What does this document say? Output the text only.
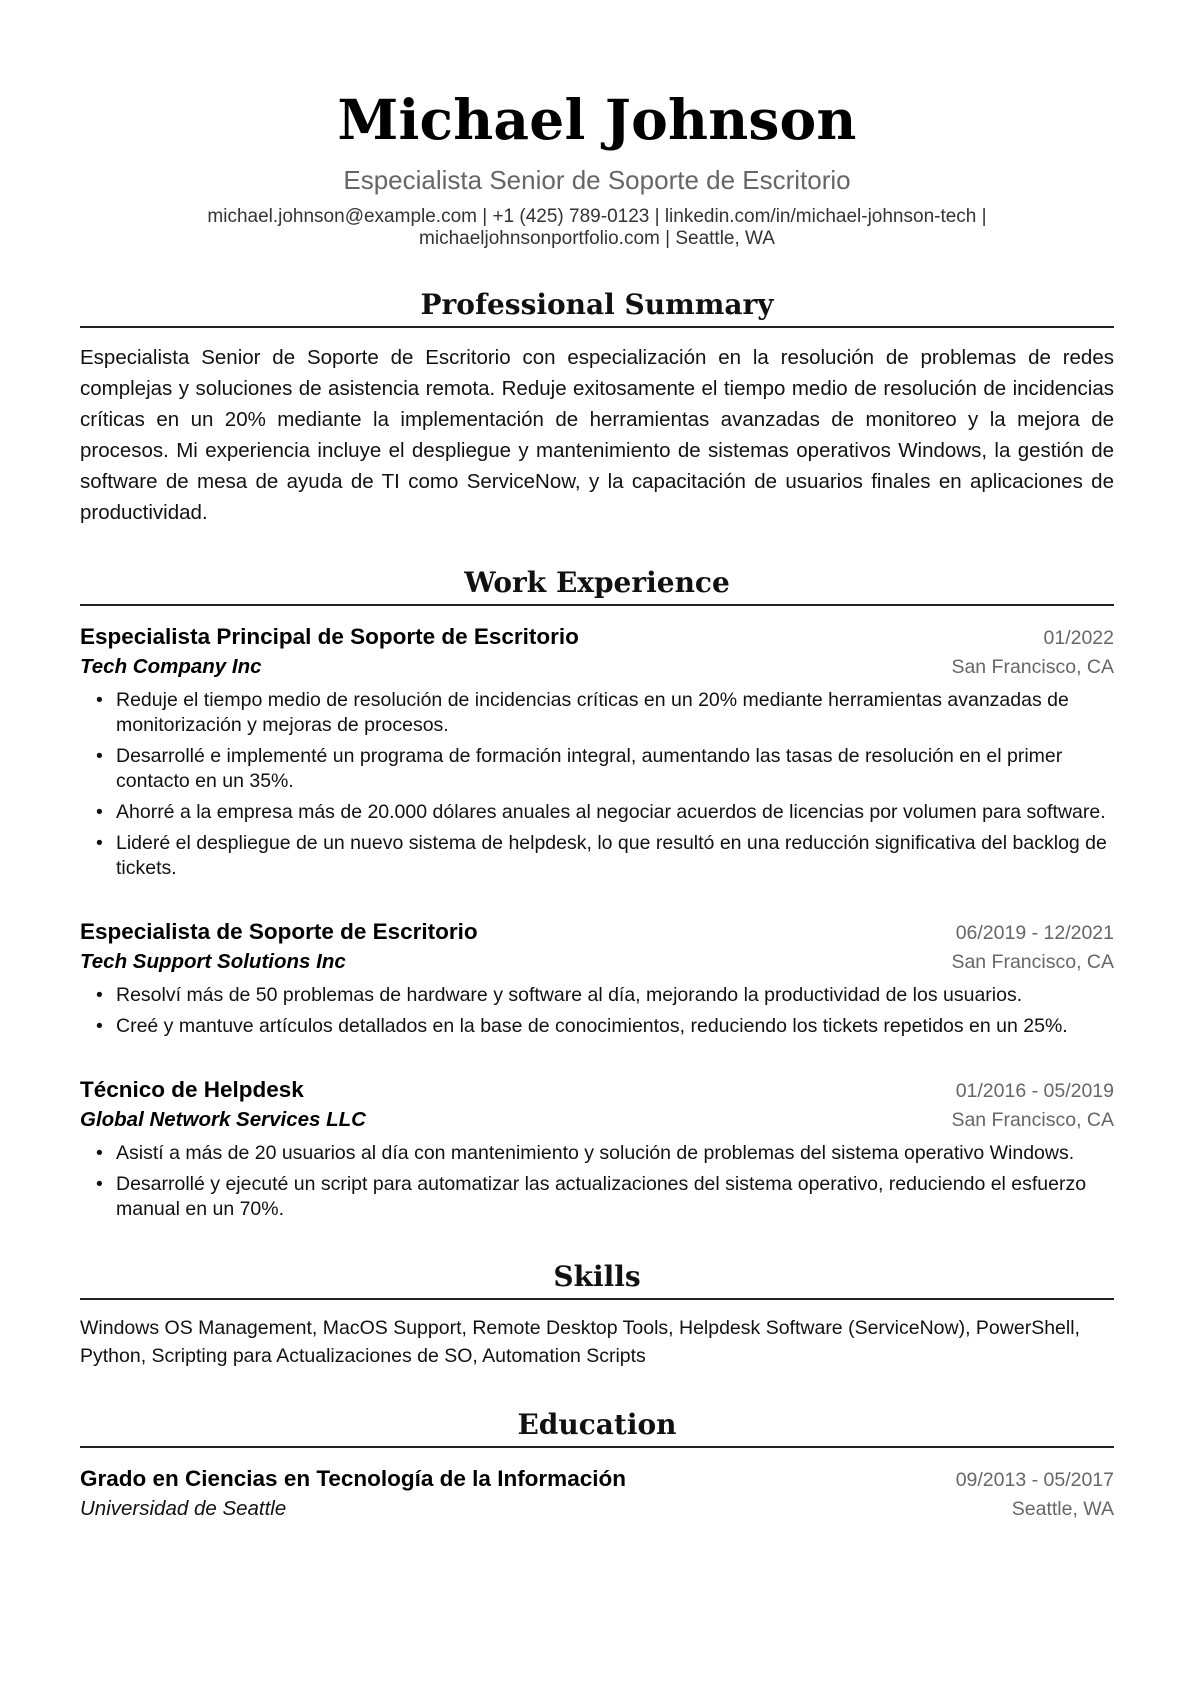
Michael Johnson
Especialista Senior de Soporte de Escritorio
michael.johnson@example.com | +1 (425) 789-0123 | linkedin.com/in/michael-johnson-tech |
michaeljohnsonportfolio.com | Seattle, WA
Professional Summary
Especialista Senior de Soporte de Escritorio con especialización en la resolución de problemas de redes complejas y soluciones de asistencia remota. Reduje exitosamente el tiempo medio de resolución de incidencias críticas en un 20% mediante la implementación de herramientas avanzadas de monitoreo y la mejora de procesos. Mi experiencia incluye el despliegue y mantenimiento de sistemas operativos Windows, la gestión de software de mesa de ayuda de TI como ServiceNow, y la capacitación de usuarios finales en aplicaciones de productividad.
Work Experience
Especialista Principal de Soporte de Escritorio	01/2022
Tech Company Inc	San Francisco, CA
• Reduje el tiempo medio de resolución de incidencias críticas en un 20% mediante herramientas avanzadas de monitorización y mejoras de procesos.
• Desarrollé e implementé un programa de formación integral, aumentando las tasas de resolución en el primer contacto en un 35%.
• Ahorré a la empresa más de 20.000 dólares anuales al negociar acuerdos de licencias por volumen para software.
• Lideré el despliegue de un nuevo sistema de helpdesk, lo que resultó en una reducción significativa del backlog de tickets.
Especialista de Soporte de Escritorio	06/2019 - 12/2021
Tech Support Solutions Inc	San Francisco, CA
• Resolví más de 50 problemas de hardware y software al día, mejorando la productividad de los usuarios.
• Creé y mantuve artículos detallados en la base de conocimientos, reduciendo los tickets repetidos en un 25%.
Técnico de Helpdesk	01/2016 - 05/2019
Global Network Services LLC	San Francisco, CA
• Asistí a más de 20 usuarios al día con mantenimiento y solución de problemas del sistema operativo Windows.
• Desarrollé y ejecuté un script para automatizar las actualizaciones del sistema operativo, reduciendo el esfuerzo manual en un 70%.
Skills
Windows OS Management, MacOS Support, Remote Desktop Tools, Helpdesk Software (ServiceNow), PowerShell, Python, Scripting para Actualizaciones de SO, Automation Scripts
Education
Grado en Ciencias en Tecnología de la Información	09/2013 - 05/2017
Universidad de Seattle	Seattle, WA
